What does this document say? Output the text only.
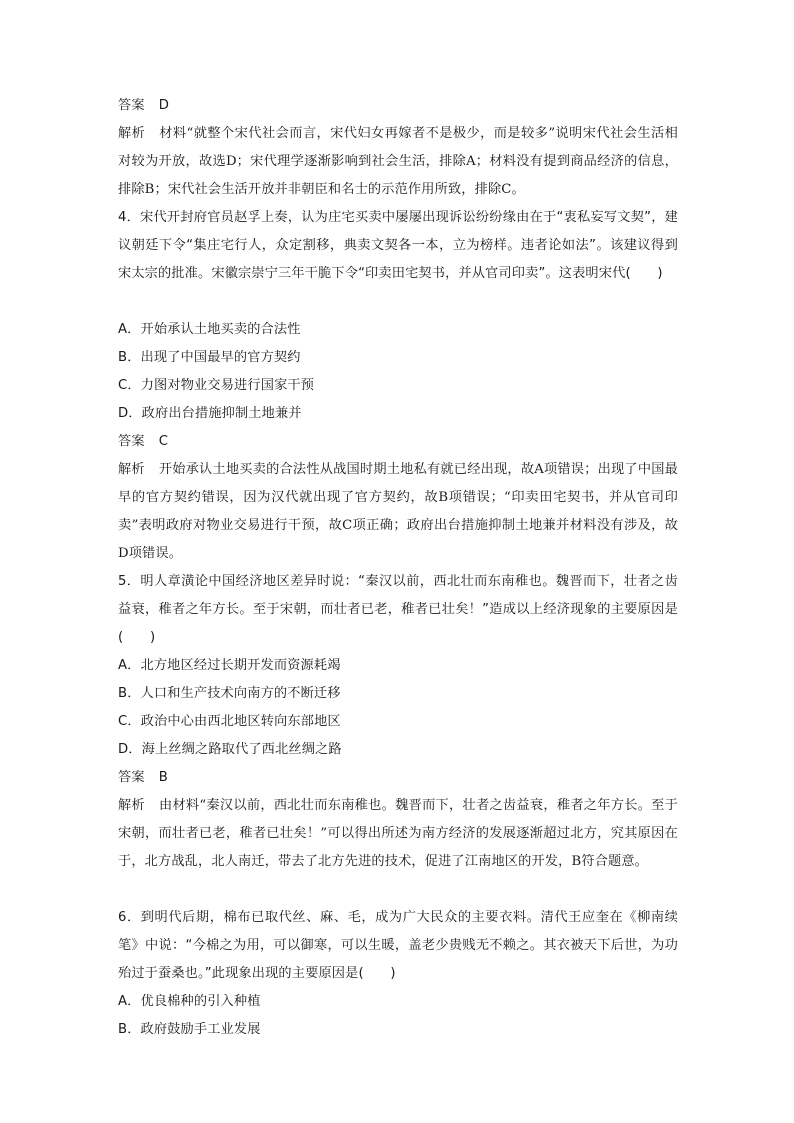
答案 D
解析 材料“就整个宋代社会而言，宋代妇女再嫁者不是极少，而是较多”说明宋代社会生活相对较为开放，故选D；宋代理学逐渐影响到社会生活，排除A；材料没有提到商品经济的信息，排除B；宋代社会生活开放并非朝臣和名士的示范作用所致，排除C。
4．宋代开封府官员赵孚上奏，认为庄宅买卖中屡屡出现诉讼纷纷缘由在于“衷私妄写文契”，建议朝廷下令“集庄宅行人，众定割移，典卖文契各一本，立为榜样。违者论如法”。该建议得到宋太宗的批准。宋徽宗崇宁三年干脆下令“印卖田宅契书，并从官司印卖”。这表明宋代(　　)
A．开始承认土地买卖的合法性
B．出现了中国最早的官方契约
C．力图对物业交易进行国家干预
D．政府出台措施抑制土地兼并
答案 C
解析 开始承认土地买卖的合法性从战国时期土地私有就已经出现，故A项错误；出现了中国最早的官方契约错误，因为汉代就出现了官方契约，故B项错误；“印卖田宅契书，并从官司印卖”表明政府对物业交易进行干预，故C项正确；政府出台措施抑制土地兼并材料没有涉及，故D项错误。
5．明人章潢论中国经济地区差异时说：“秦汉以前，西北壮而东南稚也。魏晋而下，壮者之齿益衰，稚者之年方长。至于宋朝，而壮者已老，稚者已壮矣！”造成以上经济现象的主要原因是(　　)
A．北方地区经过长期开发而资源耗竭
B．人口和生产技术向南方的不断迁移
C．政治中心由西北地区转向东部地区
D．海上丝绸之路取代了西北丝绸之路
答案 B
解析 由材料“秦汉以前，西北壮而东南稚也。魏晋而下，壮者之齿益衰，稚者之年方长。至于宋朝，而壮者已老，稚者已壮矣！”可以得出所述为南方经济的发展逐渐超过北方，究其原因在于，北方战乱，北人南迁，带去了北方先进的技术，促进了江南地区的开发，B符合题意。
6．到明代后期，棉布已取代丝、麻、毛，成为广大民众的主要衣料。清代王应奎在《柳南续笔》中说：“今棉之为用，可以御寒，可以生暖，盖老少贵贱无不赖之。其衣被天下后世，为功殆过于蚕桑也。”此现象出现的主要原因是(　　)
A．优良棉种的引入种植
B．政府鼓励手工业发展
